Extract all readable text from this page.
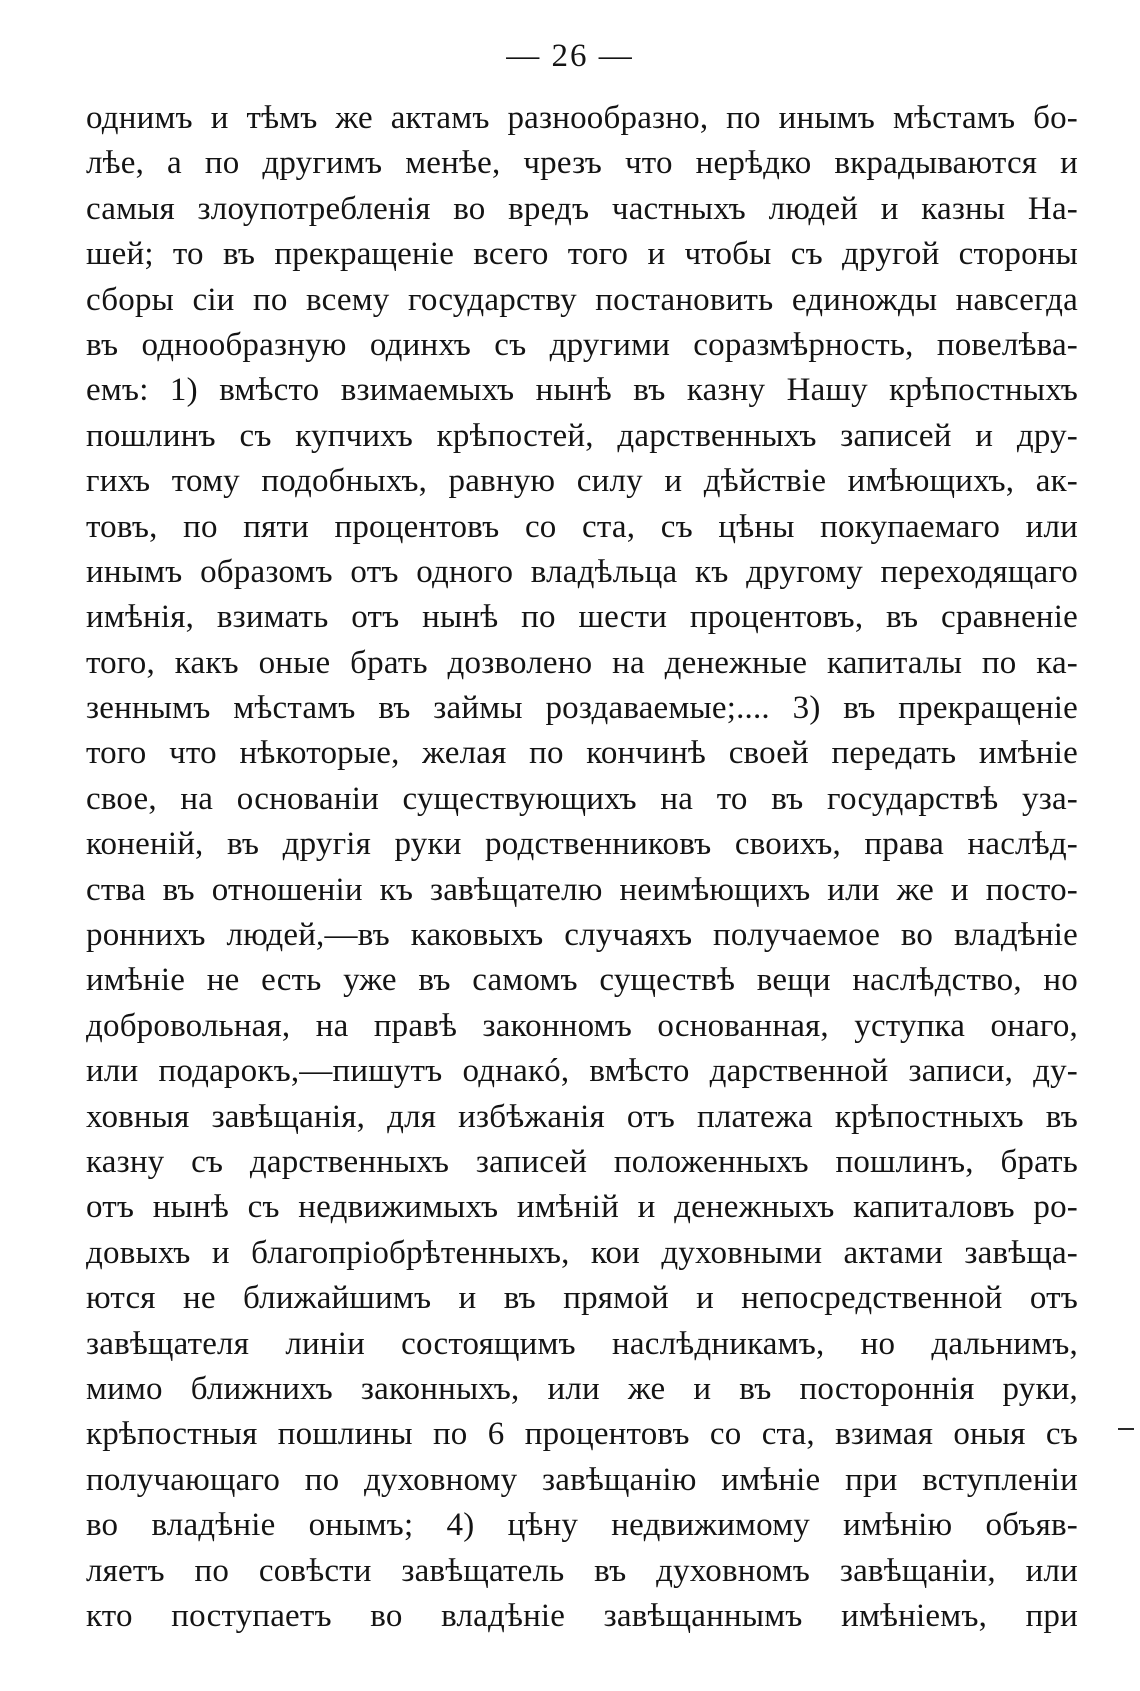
— 26 —
однимъ и тѣмъ же актамъ разнообразно, по инымъ мѣстамъ бо-
лѣе, а по другимъ менѣе, чрезъ что нерѣдко вкрадываются и
самыя злоупотребленія во вредъ частныхъ людей и казны На-
шей; то въ прекращеніе всего того и чтобы съ другой стороны
сборы сіи по всему государству постановить единожды навсегда
въ однообразную одинхъ съ другими соразмѣрность, повелѣва-
емъ: 1) вмѣсто взимаемыхъ нынѣ въ казну Нашу крѣпостныхъ
пошлинъ съ купчихъ крѣпостей, дарственныхъ записей и дру-
гихъ тому подобныхъ, равную силу и дѣйствіе имѣющихъ, ак-
товъ, по пяти процентовъ со ста, съ цѣны покупаемаго или
инымъ образомъ отъ одного владѣльца къ другому переходящаго
имѣнія, взимать отъ нынѣ по шести процентовъ, въ сравненіе
того, какъ оные брать дозволено на денежные капиталы по ка-
зеннымъ мѣстамъ въ займы роздаваемые;.... 3) въ прекращеніе
того что нѣкоторые, желая по кончинѣ своей передать имѣніе
свое, на основаніи существующихъ на то въ государствѣ уза-
коненій, въ другія руки родственниковъ своихъ, права наслѣд-
ства въ отношеніи къ завѣщателю неимѣющихъ или же и посто-
роннихъ людей,—въ каковыхъ случаяхъ получаемое во владѣніе
имѣніе не есть уже въ самомъ существѣ вещи наслѣдство, но
добровольная, на правѣ законномъ основанная, уступка онаго,
или подарокъ,—пишутъ однакó, вмѣсто дарственной записи, ду-
ховныя завѣщанія, для избѣжанія отъ платежа крѣпостныхъ въ
казну съ дарственныхъ записей положенныхъ пошлинъ, брать
отъ нынѣ съ недвижимыхъ имѣній и денежныхъ капиталовъ ро-
довыхъ и благопріобрѣтенныхъ, кои духовными актами завѣща-
ются не ближайшимъ и въ прямой и непосредственной отъ
завѣщателя линіи состоящимъ наслѣдникамъ, но дальнимъ,
мимо ближнихъ законныхъ, или же и въ постороннія руки,
крѣпостныя пошлины по 6 процентовъ со ста, взимая оныя съ
получающаго по духовному завѣщанію имѣніе при вступленіи
во владѣніе онымъ; 4) цѣну недвижимому имѣнію объяв-
ляетъ по совѣсти завѣщатель въ духовномъ завѣщаніи, или
кто поступаетъ во владѣніе завѣщаннымъ имѣніемъ, при
